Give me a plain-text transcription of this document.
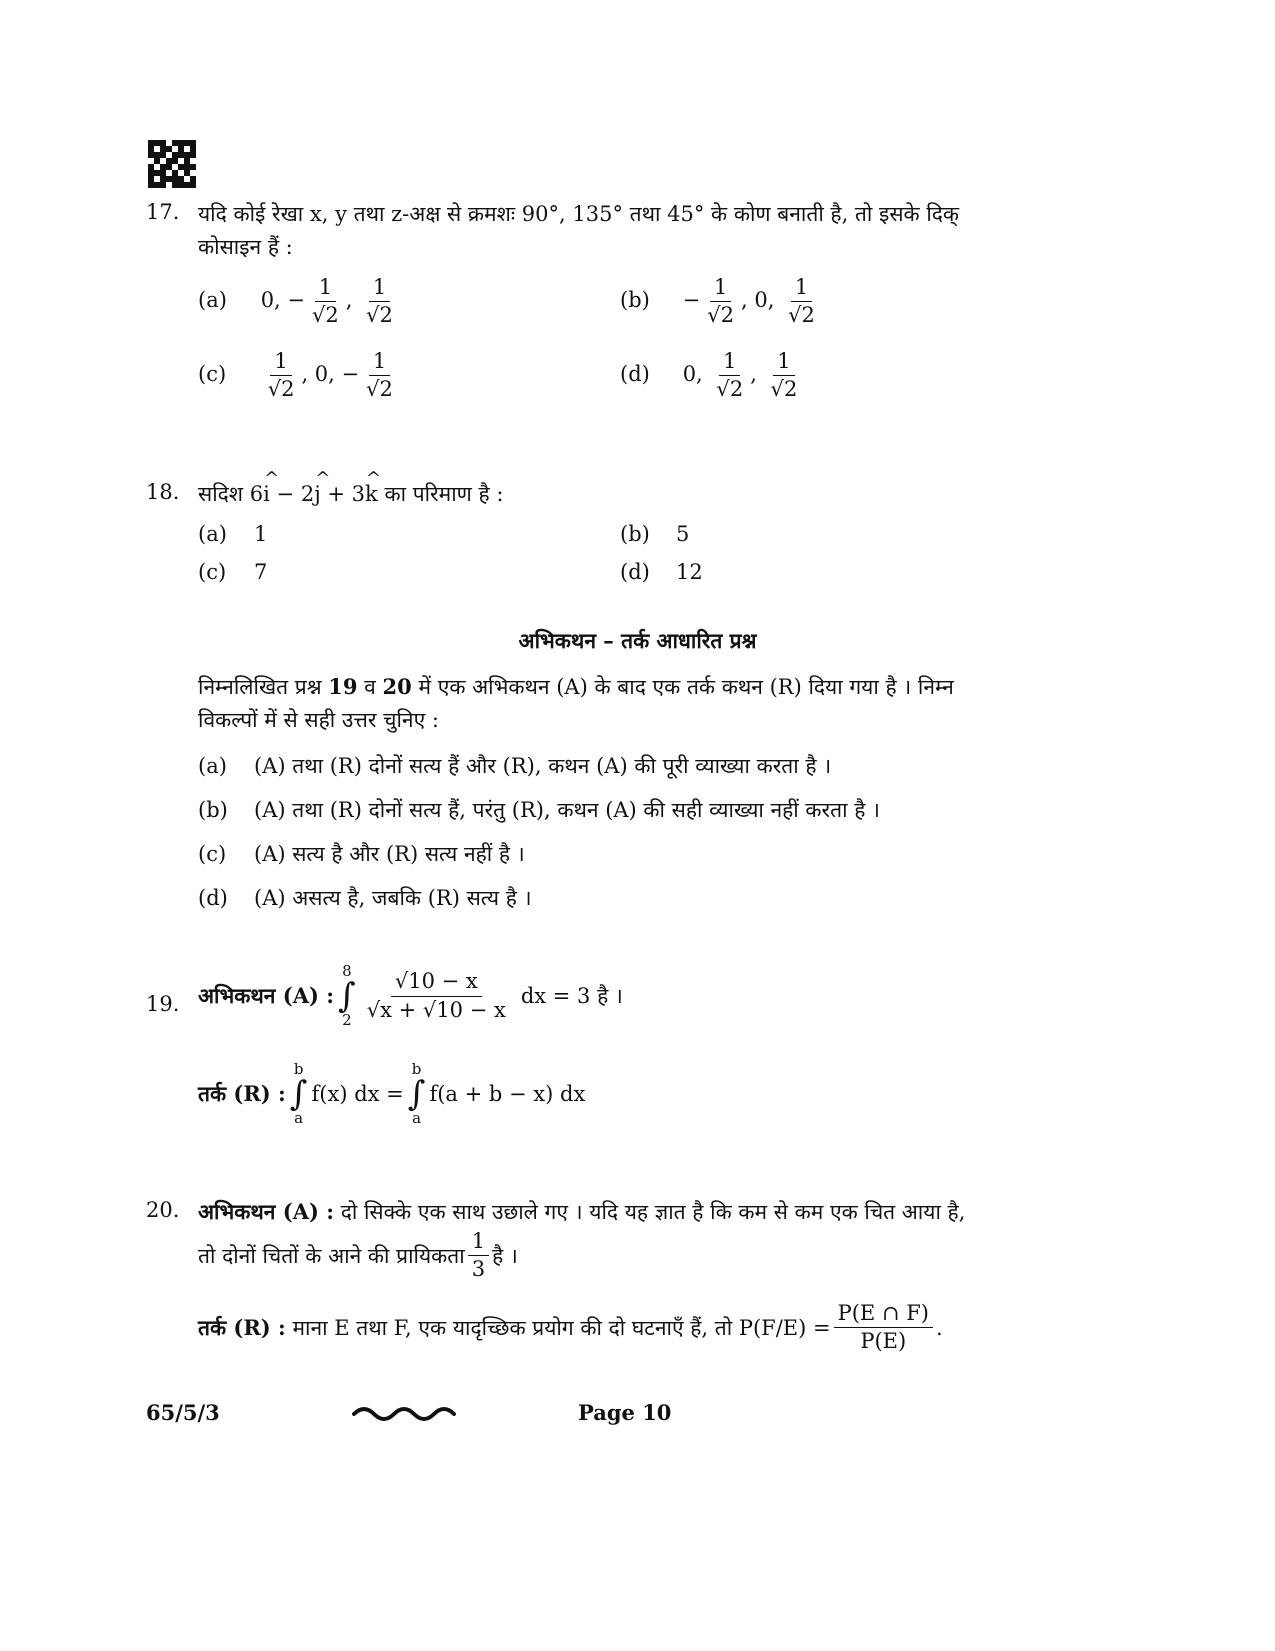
17. यदि कोई रेखा x, y तथा z-अक्ष से क्रमशः 90°, 135° तथा 45° के कोण बनाती है, तो इसके दिक्
कोसाइन हैं :
(a) 0, − $\frac{1}{√2}$ , $\frac{1}{√2}$	$(b) - \frac{1}{√2}$ , 0, $\frac{1}{√2}$
$(c) \frac{1}{√2}$ , 0, − $\frac{1}{√2}$	(d) 0, $\frac{1}{√2}$ , $\frac{1}{√2}$
18. सदिश 6^ i − 2^ j + 3^ k का परिमाण है :
(a) 1	(b) 5
(c) 7	(d) 12
अभिकथन – तर्क आधारित प्रश्न
निम्नलिखित प्रश्न 19 व 20 में एक अभिकथन (A) के बाद एक तर्क कथन (R) दिया गया है । निम्न
विकल्पों में से सही उत्तर चुनिए :
(a) (A) तथा (R) दोनों सत्य हैं और (R), कथन (A) की पूरी व्याख्या करता है ।
(b) (A) तथा (R) दोनों सत्य हैं, परंतु (R), कथन (A) की सही व्याख्या नहीं करता है ।
(c) (A) सत्य है और (R) सत्य नहीं है ।
(d) (A) असत्य है, जबकि (R) सत्य है ।
19. अभिकथन (A) :
8
∫
$2 \frac{√10 - x}{√x + √10 - x}$ dx = 3 है ।
तर्क (R) :
b
∫
a
f(x) dx =
b
∫
a
f(a + b − x) dx
20. अभिकथन (A) : दो सिक्के एक साथ उछाले गए । यदि यह ज्ञात है कि कम से कम एक चित आया है,
तो दोनों चितों के आने की प्रायिकता $\frac{1}{3}$ है ।
तर्क (R) :
माना E तथा F, एक यादृच्छिक प्रयोग की दो घटनाएँ हैं, तो $P(F/E) = \frac{P(E \cap F)}{P(E)}$ .
65/5/3	Page 10
